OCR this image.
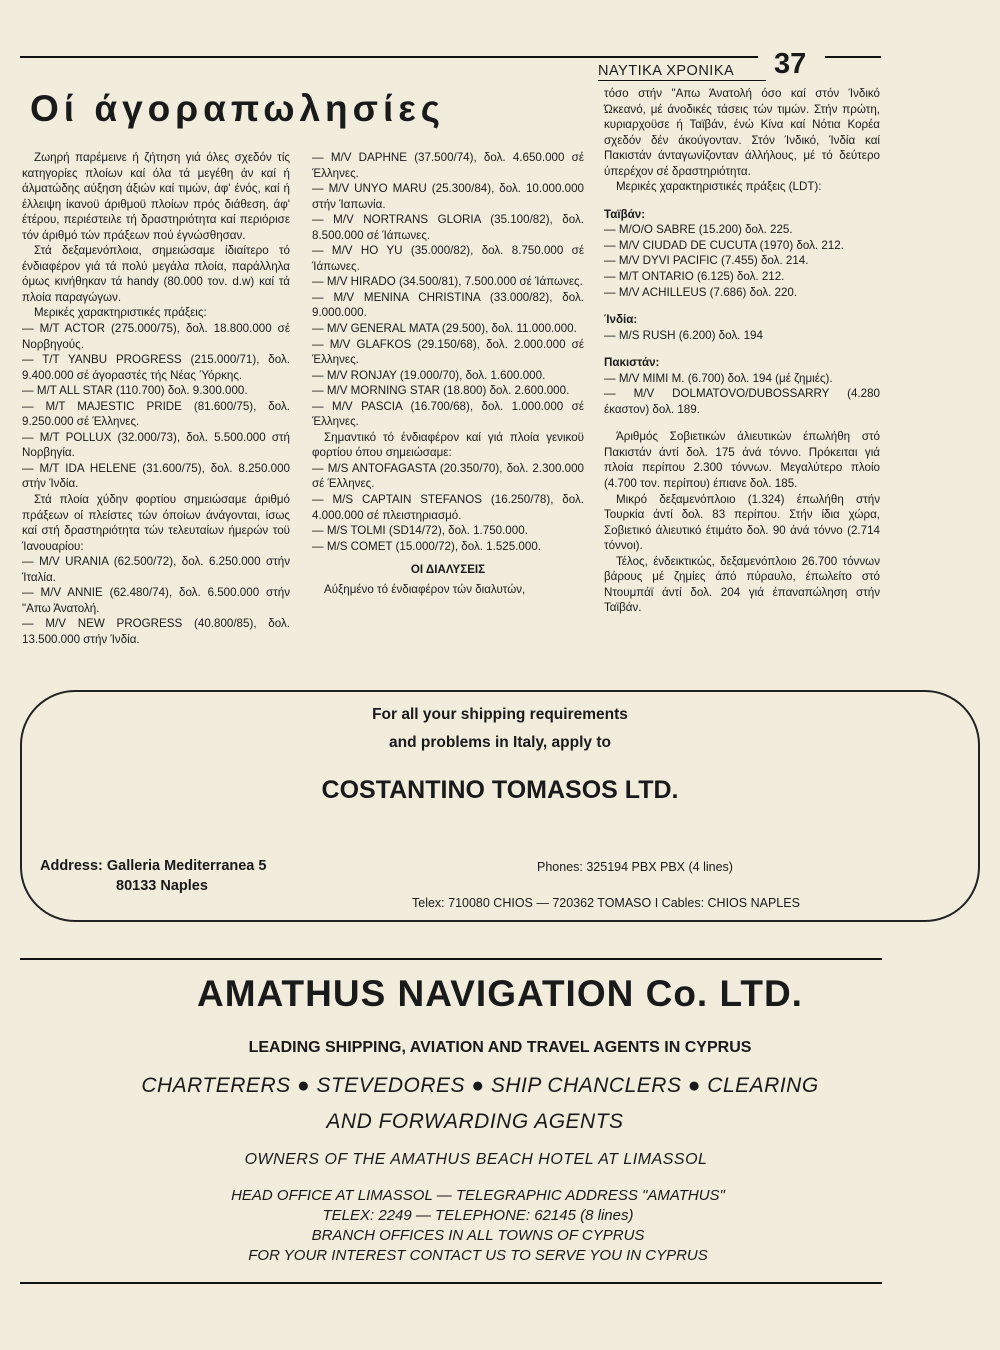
ΝΑΥΤΙΚΑ ΧΡΟΝΙΚΑ 37
Οί άγοραπωλησίες

Ζωηρή παρέμεινε ή ζήτηση γιά όλες σχεδόν τίς κατηγορίες πλοίων καί όλα τά μεγέθη άν καί ή άλματώδης αύξηση άξιών καί τιμών, άφ' ένός, καί ή έλλειψη ίκανοϋ άριθμοϋ πλοίων πρός διάθεση, άφ' έτέρου, περιέστειλε τή δραστηριότητα καί περιόρισε τόν άριθμό τών πράξεων πού έγνώσθησαν.

Στά δεξαμενόπλοια, σημειώσαμε ίδιαίτερο τό ένδιαφέρον γιά τά πολύ μεγάλα πλοία, παράλληλα όμως κινήθηκαν τά handy (80.000 τον. d.w) καί τά πλοία παραγώγων.

Μερικές χαρακτηριστικές πράξεις:

— M/T ACTOR (275.000/75), δολ. 18.800.000 σέ Νορβηγούς.
— T/T YANBU PROGRESS (215.000/71), δολ. 9.400.000 σέ άγοραστές τής Νέας Ύόρκης.
— M/T ALL STAR (110.700) δολ. 9.300.000.
— M/T MAJESTIC PRIDE (81.600/75), δολ. 9.250.000 σέ Έλληνες.
— M/T POLLUX (32.000/73), δολ. 5.500.000 στή Νορβηγία.
— M/T IDA HELENE (31.600/75), δολ. 8.250.000 στήν Ίνδία.

Στά πλοία χύδην φορτίου σημειώσαμε άριθμό πράξεων οί πλείστες τών όποίων άνάγονται, ίσως καί στή δραστηριότητα τών τελευταίων ήμερών τοϋ Ίανουαρίου:

— M/V URANIA (62.500/72), δολ. 6.250.000 στήν Ίταλία.
— M/V ANNIE (62.480/74), δολ. 6.500.000 στήν "Απω Άνατολή.
— M/V NEW PROGRESS (40.800/85), δολ. 13.500.000 στήν Ίνδία.
— M/V DAPHNE (37.500/74), δολ. 4.650.000 σέ Έλληνες.
— M/V UNYO MARU (25.300/84), δολ. 10.000.000 στήν Ίαπωνία.
— M/V NORTRANS GLORIA (35.100/82), δολ. 8.500.000 σέ Ίάπωνες.
— M/V HO YU (35.000/82), δολ. 8.750.000 σέ Ίάπωνες.
— M/V HIRADO (34.500/81), 7.500.000 σέ Ίάπωνες.
— M/V MENINA CHRISTINA (33.000/82), δολ. 9.000.000.
— M/V GENERAL MATA (29.500), δολ. 11.000.000.
— M/V GLAFKOS (29.150/68), δολ. 2.000.000 σέ Έλληνες.
— M/V RONJAY (19.000/70), δολ. 1.600.000.
— M/V MORNING STAR (18.800) δολ. 2.600.000.
— M/V PASCIA (16.700/68), δολ. 1.000.000 σέ Έλληνες.

Σημαντικό τό ένδιαφέρον καί γιά πλοία γενικοϋ φορτίου όπου σημειώσαμε:

— M/S ANTOFAGASTA (20.350/70), δολ. 2.300.000 σέ Έλληνες.
— M/S CAPTAIN STEFANOS (16.250/78), δολ. 4.000.000 σέ πλειστηριασμό.
— M/S TOLMI (SD14/72), δολ. 1.750.000.
— M/S COMET (15.000/72), δολ. 1.525.000.

ΟΙ ΔΙΑΛΥΣΕΙΣ

Αύξημένο τό ένδιαφέρον τών διαλυτών,

τόσο στήν "Απω Άνατολή όσο καί στόν Ίνδικό Ώκεανό, μέ άνοδικές τάσεις τών τιμών. Στήν πρώτη, κυριαρχοϋσε ή Ταϊβάν, ένώ Κίνα καί Νότια Κορέα σχεδόν δέν άκούγονταν. Στόν Ίνδικό, Ίνδία καί Πακιστάν άνταγωνίζονταν άλλήλους, μέ τό δεύτερο ύπερέχον σέ δραστηριότητα.

Μερικές χαρακτηριστικές πράξεις (LDT):

Ταϊβάν:

— M/O/O SABRE (15.200) δολ. 225.
— M/V CIUDAD DE CUCUTA (1970) δολ. 212.
— M/V DYVI PACIFIC (7.455) δολ. 214.
— M/T ONTARIO (6.125) δολ. 212.
— M/V ACHILLEUS (7.686) δολ. 220.

Ίνδία:

— M/S RUSH (6.200) δολ. 194

Πακιστάν:

— M/V MIMI M. (6.700) δολ. 194 (μέ ζημιές).
— M/V DOLMATOVO/DUBOSSARRY (4.280 έκαστον) δολ. 189.

Άριθμός Σοβιετικών άλιευτικών έπωλήθη στό Πακιστάν άντί δολ. 175 άνά τόννο. Πρόκειται γιά πλοία περίπου 2.300 τόννων. Μεγαλύτερο πλοίο (4.700 τον. περίπου) έπιανε δολ. 185.

Μικρό δεξαμενόπλοιο (1.324) έπωλήθη στήν Τουρκία άντί δολ. 83 περίπου. Στήν ίδια χώρα, Σοβιετικό άλιευτικό έτιμάτο δολ. 90 άνά τόννο (2.714 τόννοι).

Τέλος, ένδεικτικώς, δεξαμενόπλοιο 26.700 τόννων βάρους μέ ζημίες άπό πύραυλο, έπωλείτο στό Ντουμπάϊ άντί δολ. 204 γιά έπαναπώληση στήν Ταϊβάν.

For all your shipping requirements
and problems in Italy, apply to
COSTANTINO TOMASOS LTD.
Address: Galleria Mediterranea 5
80133 Naples
Phones: 325194 PBX PBX (4 lines)
Telex: 710080 CHIOS — 720362 TOMASO I Cables: CHIOS NAPLES
AMATHUS NAVIGATION Co. LTD.
LEADING SHIPPING, AVIATION AND TRAVEL AGENTS IN CYPRUS
CHARTERERS ● STEVEDORES ● SHIP CHANCLERS ● CLEARING
AND FORWARDING AGENTS
OWNERS OF THE AMATHUS BEACH HOTEL AT LIMASSOL
HEAD OFFICE AT LIMASSOL — TELEGRAPHIC ADDRESS "AMATHUS"
TELEX: 2249 — TELEPHONE: 62145 (8 lines)
BRANCH OFFICES IN ALL TOWNS OF CYPRUS
FOR YOUR INTEREST CONTACT US TO SERVE YOU IN CYPRUS
